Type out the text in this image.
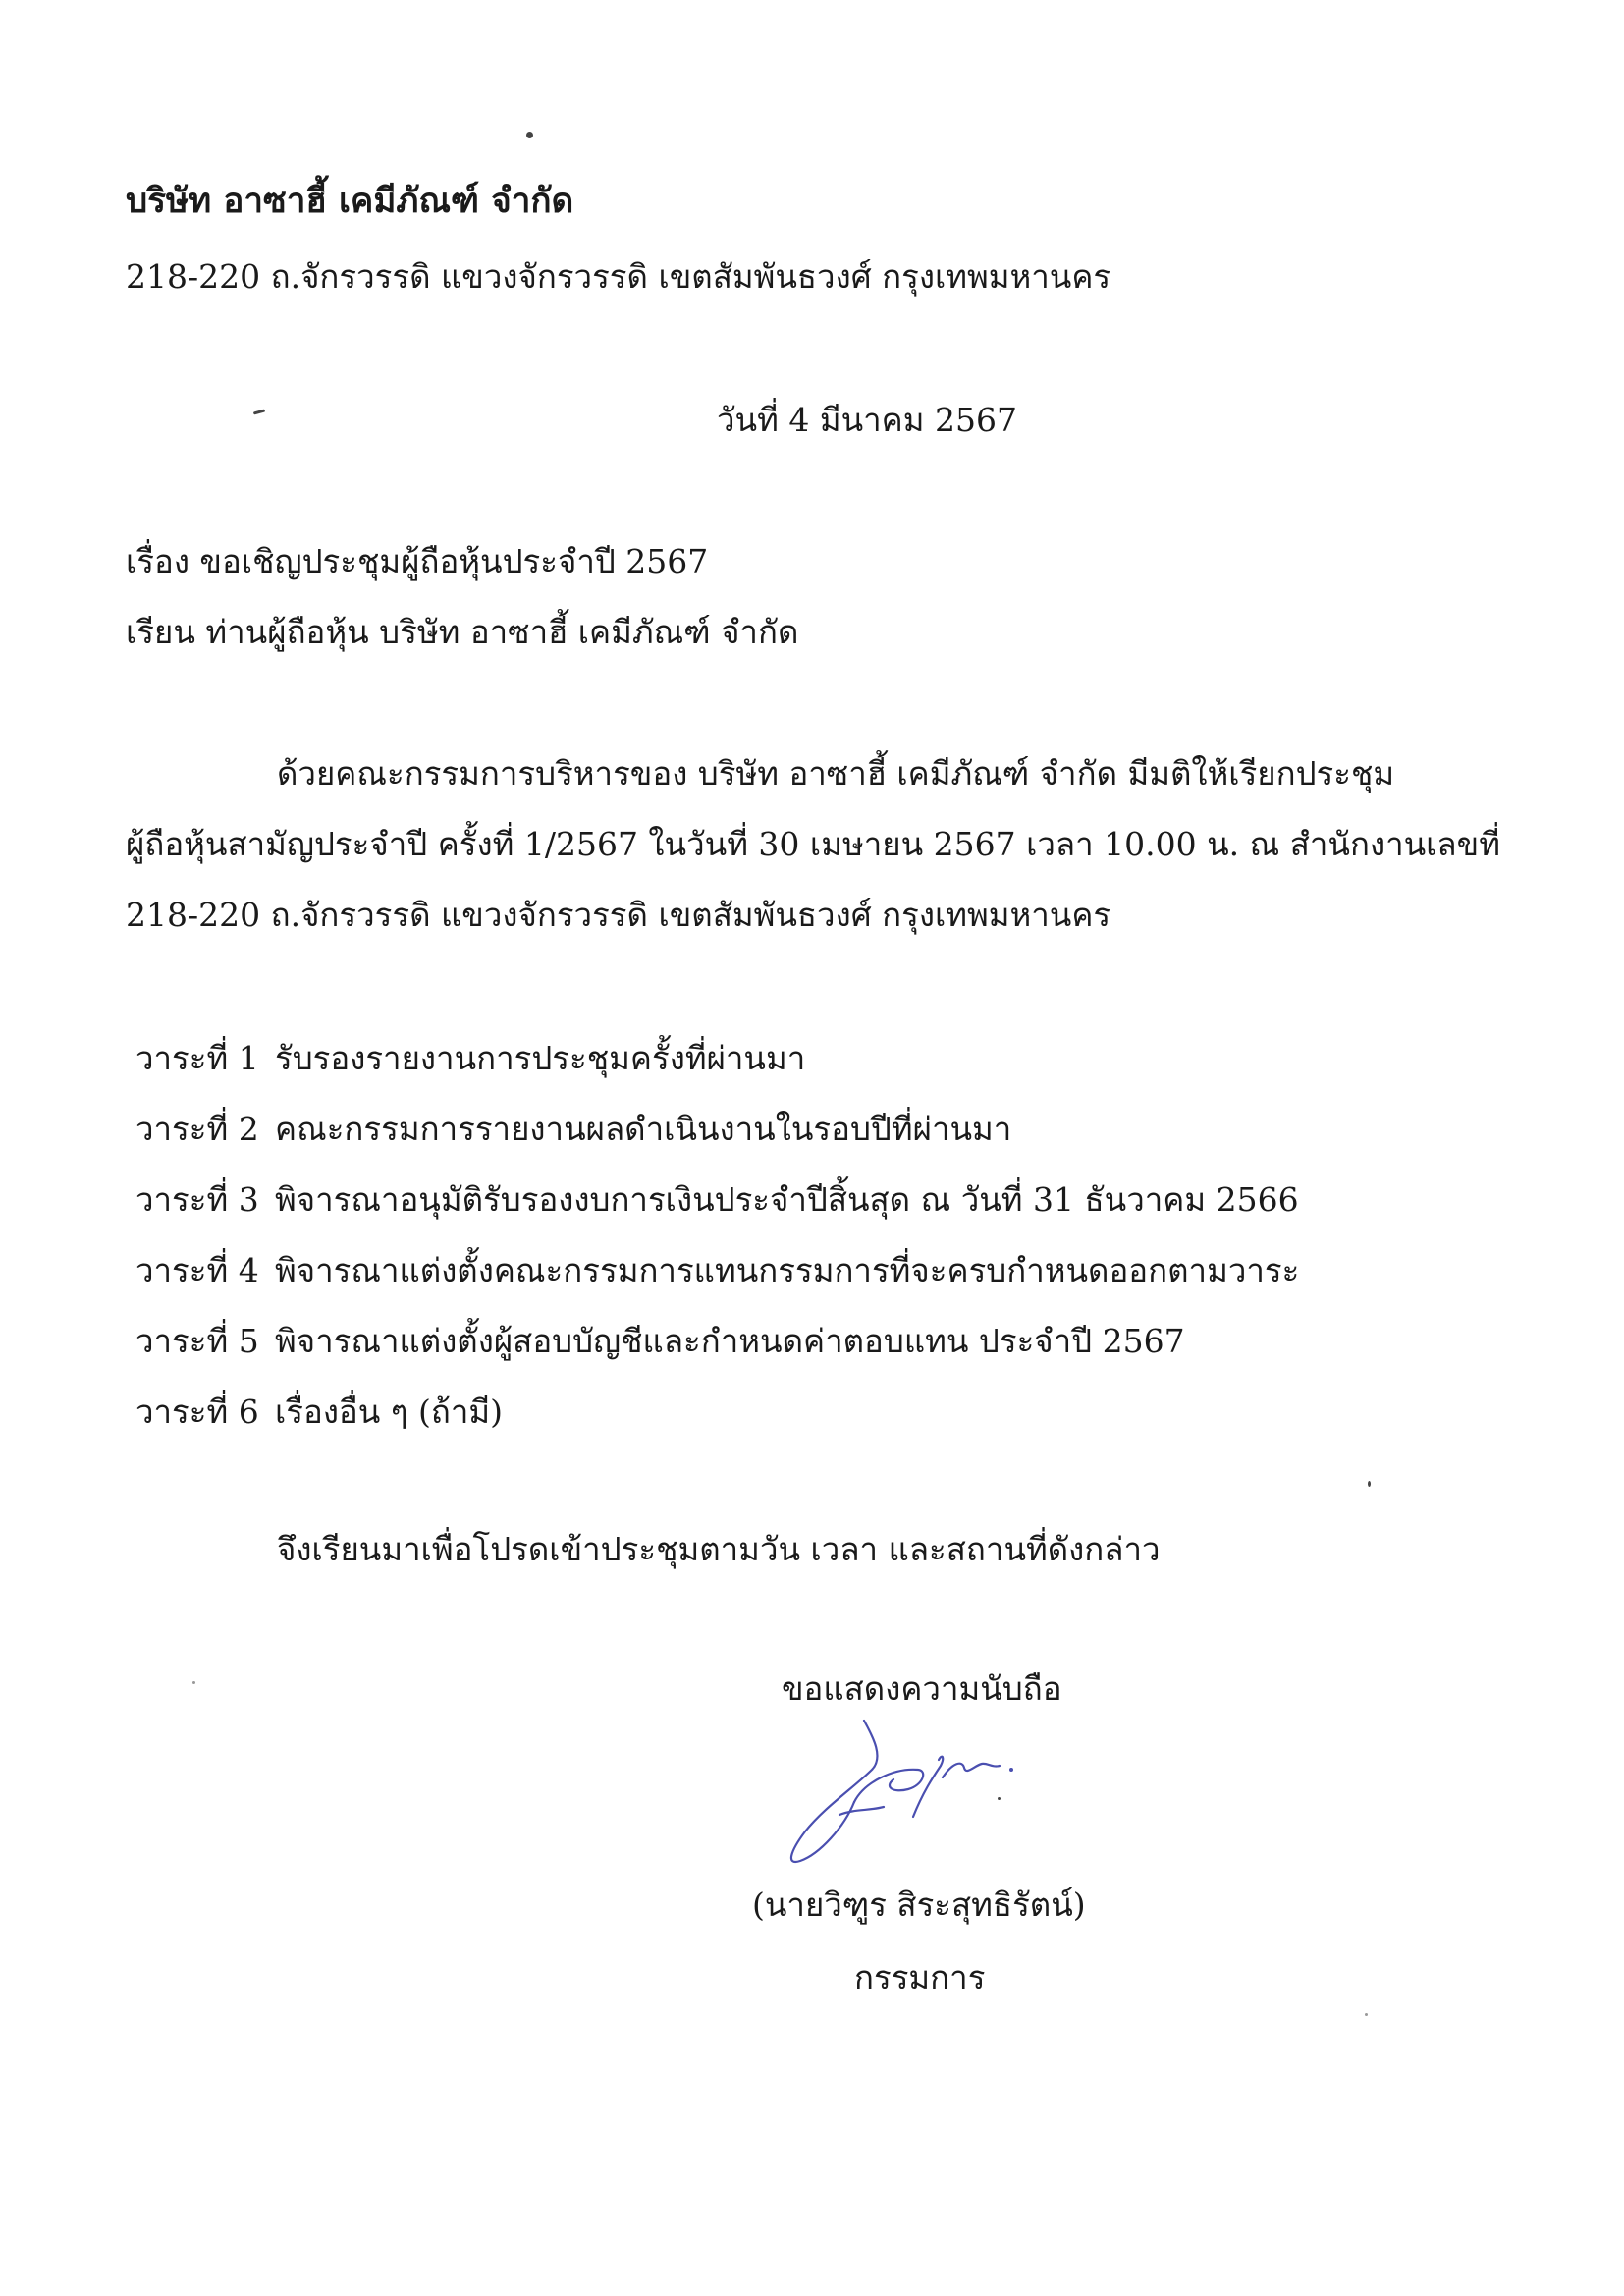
บริษัท อาซาฮี้ เคมีภัณฑ์ จำกัด
218-220 ถ.จักรวรรดิ แขวงจักรวรรดิ เขตสัมพันธวงศ์ กรุงเทพมหานคร
วันที่ 4 มีนาคม 2567
เรื่อง ขอเชิญประชุมผู้ถือหุ้นประจำปี 2567
เรียน ท่านผู้ถือหุ้น บริษัท อาซาฮี้ เคมีภัณฑ์ จำกัด
ด้วยคณะกรรมการบริหารของ บริษัท อาซาฮี้ เคมีภัณฑ์ จำกัด มีมติให้เรียกประชุม
ผู้ถือหุ้นสามัญประจำปี ครั้งที่ 1/2567 ในวันที่ 30 เมษายน 2567 เวลา 10.00 น. ณ สำนักงานเลขที่
218-220 ถ.จักรวรรดิ แขวงจักรวรรดิ เขตสัมพันธวงศ์ กรุงเทพมหานคร
วาระที่ 1 รับรองรายงานการประชุมครั้งที่ผ่านมา
วาระที่ 2 คณะกรรมการรายงานผลดำเนินงานในรอบปีที่ผ่านมา
วาระที่ 3 พิจารณาอนุมัติรับรองงบการเงินประจำปีสิ้นสุด ณ วันที่ 31 ธันวาคม 2566
วาระที่ 4 พิจารณาแต่งตั้งคณะกรรมการแทนกรรมการที่จะครบกำหนดออกตามวาระ
วาระที่ 5 พิจารณาแต่งตั้งผู้สอบบัญชีและกำหนดค่าตอบแทน ประจำปี 2567
วาระที่ 6 เรื่องอื่น ๆ (ถ้ามี)
จึงเรียนมาเพื่อโปรดเข้าประชุมตามวัน เวลา และสถานที่ดังกล่าว
ขอแสดงความนับถือ
(นายวิฑูร สิระสุทธิรัตน์)
กรรมการ
